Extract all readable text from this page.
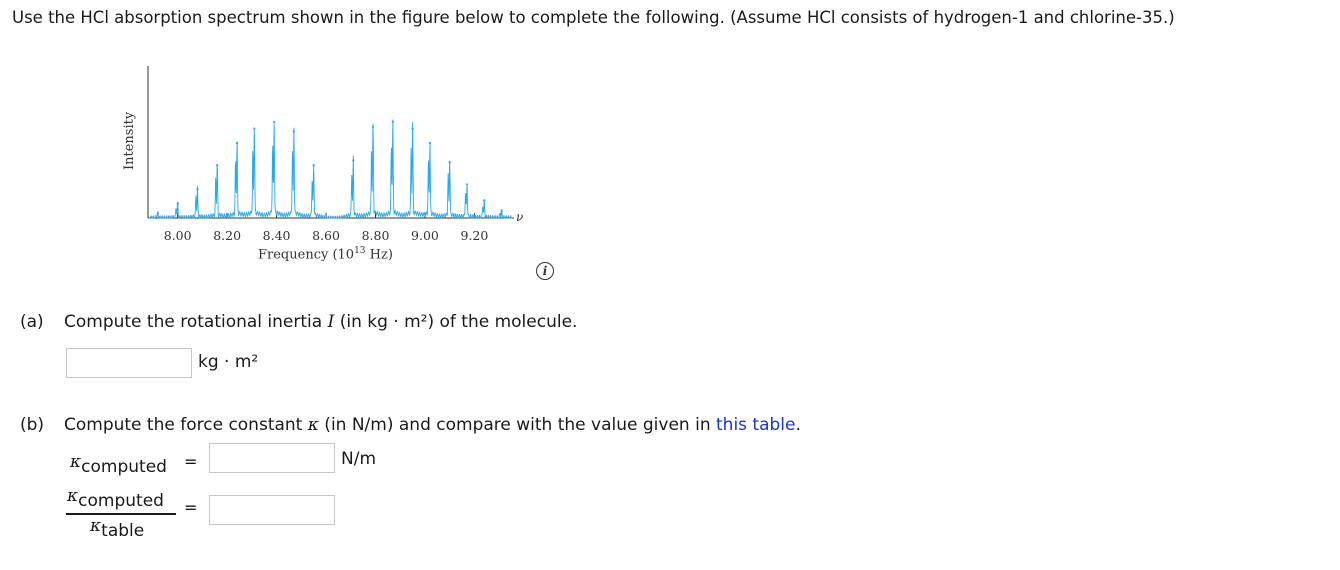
Use the HCl absorption spectrum shown in the figure below to complete the following. (Assume HCl consists of hydrogen-1 and chlorine-35.)
8.00 8.20 8.40 8.60 8.80 9.00 9.20
Intensity
Frequency ($10^{13}$ Hz)
ν
i
(a) Compute the rotational inertia I (in kg · m²) of the molecule.
kg · m²
(b) Compute the force constant κ (in N/m) and compare with the value given in this table.
κcomputed =	N/m
κcomputed
κtable
=
